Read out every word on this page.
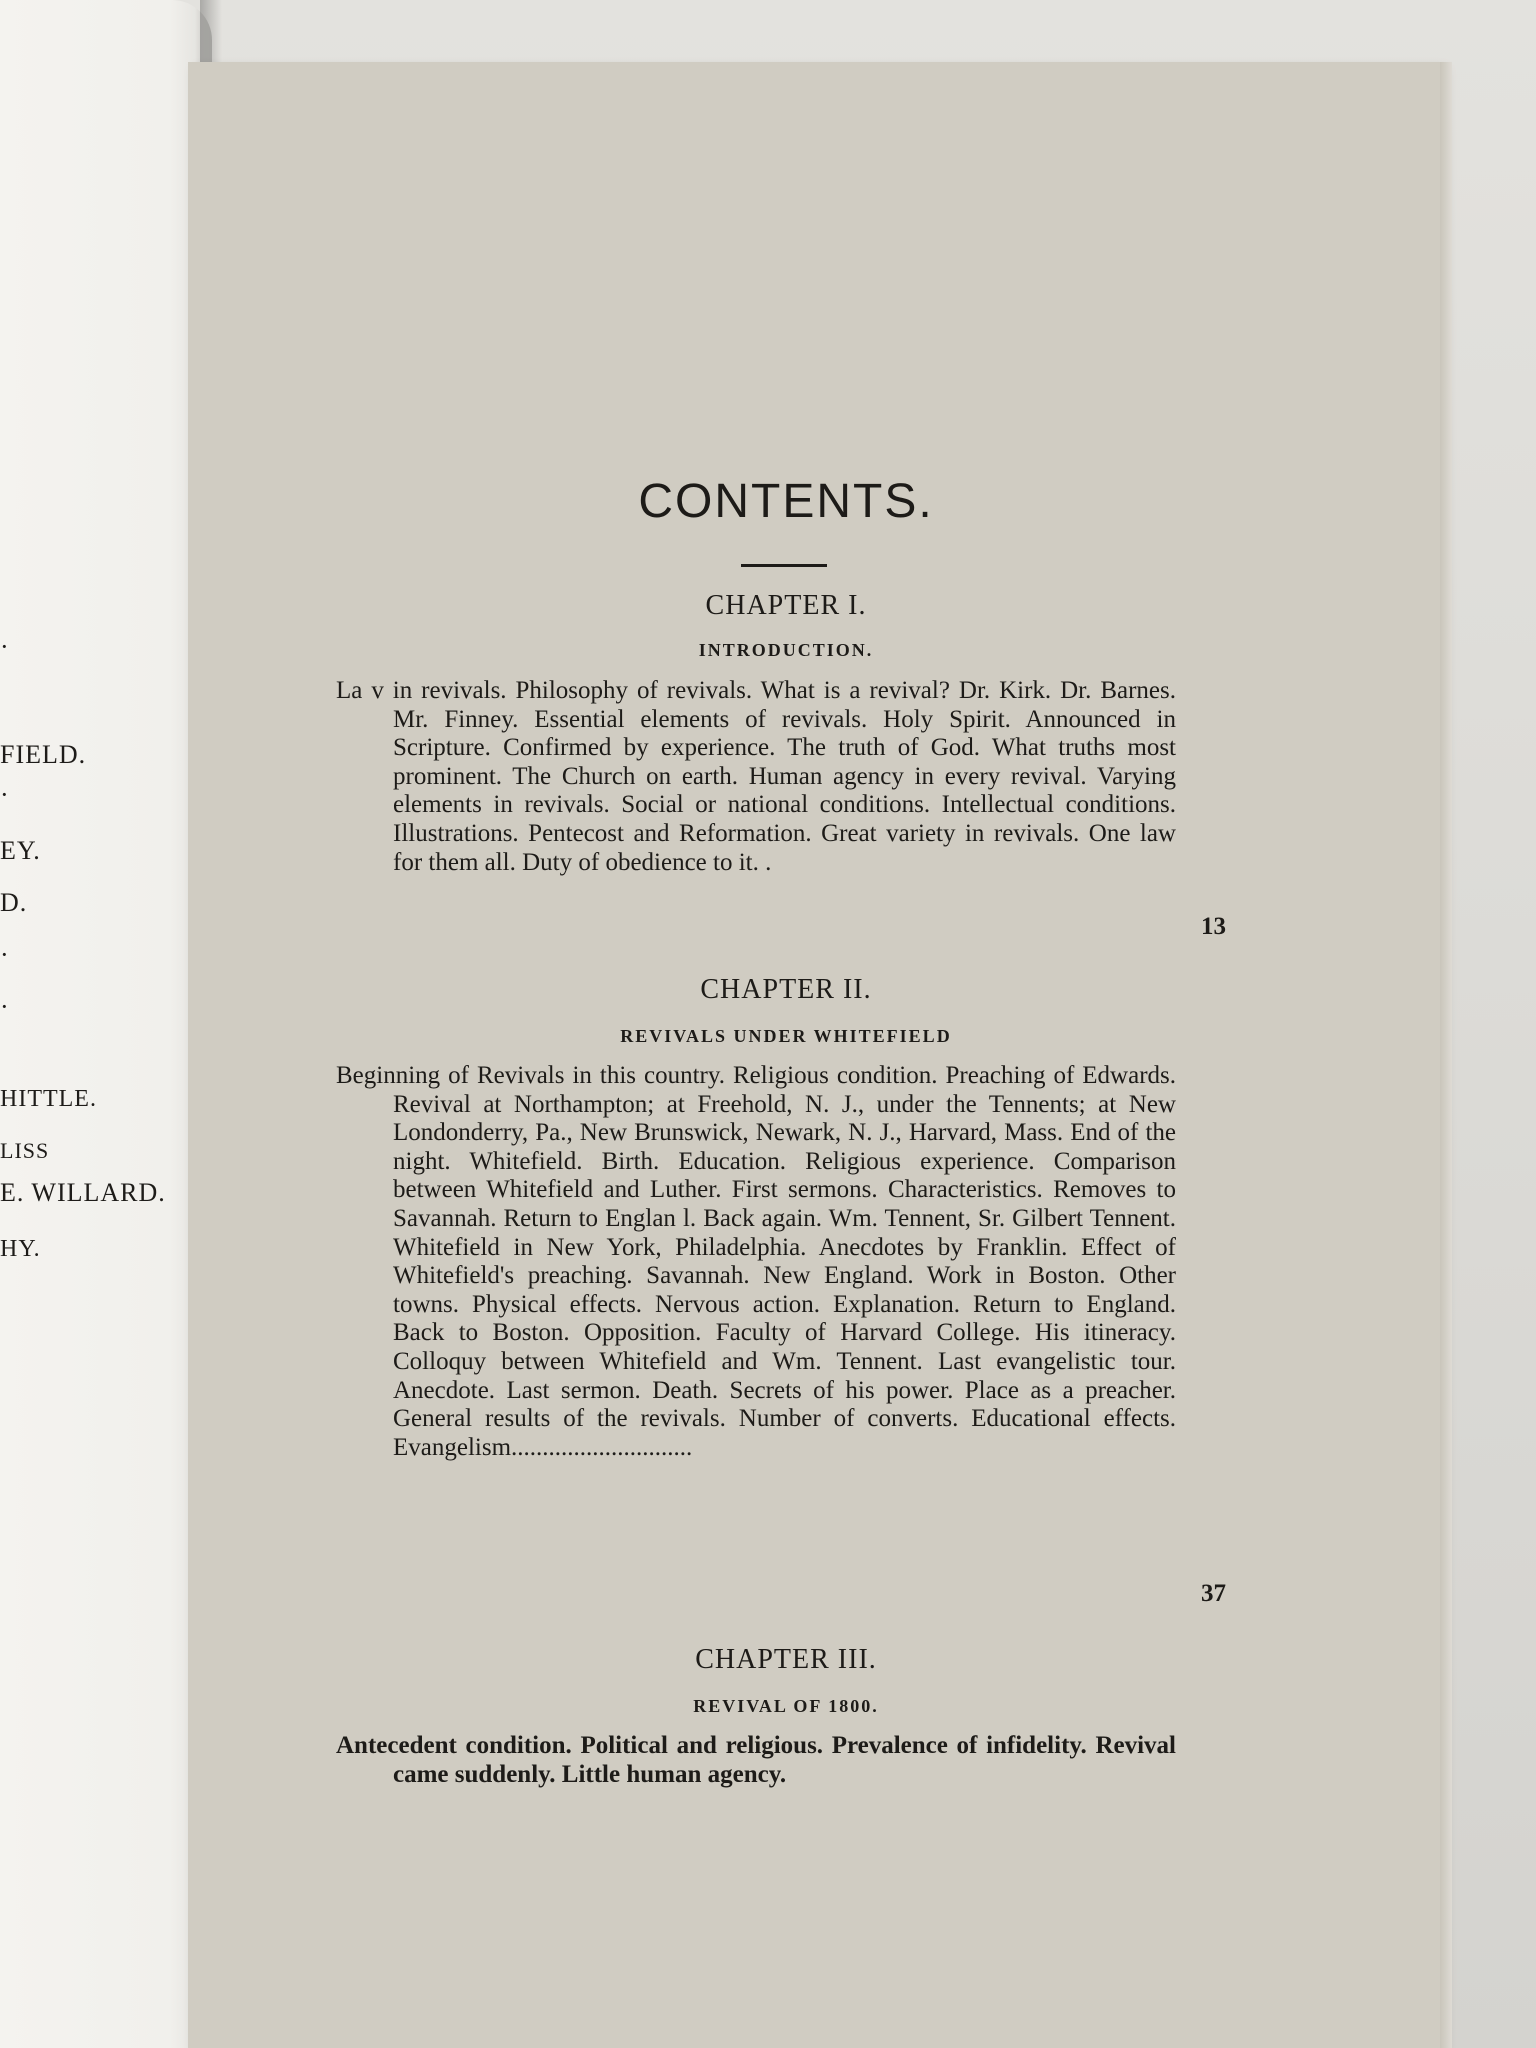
·
FIELD.
·
EY.
D.
·
·
HITTLE.
LISS
E. WILLARD.
HY.
CONTENTS.
CHAPTER I.
INTRODUCTION.

La v in revivals. Philosophy of revivals. What is a revival? Dr. Kirk. Dr. Barnes. Mr. Finney. Essential elements of revivals. Holy Spirit. Announced in Scripture. Confirmed by experience. The truth of God. What truths most prominent. The Church on earth. Human agency in every revival. Varying elements in revivals. Social or national conditions. Intellectual conditions. Illustrations. Pentecost and Reformation. Great variety in revivals. One law for them all. Duty of obedience to it. .

13
CHAPTER II.
REVIVALS UNDER WHITEFIELD

Beginning of Revivals in this country. Religious condition. Preaching of Edwards. Revival at Northampton; at Freehold, N. J., under the Tennents; at New Londonderry, Pa., New Brunswick, Newark, N. J., Harvard, Mass. End of the night. Whitefield. Birth. Education. Religious experience. Comparison between Whitefield and Luther. First sermons. Characteristics. Removes to Savannah. Return to Englan l. Back again. Wm. Tennent, Sr. Gilbert Tennent. Whitefield in New York, Philadelphia. Anecdotes by Franklin. Effect of Whitefield's preaching. Savannah. New England. Work in Boston. Other towns. Physical effects. Nervous action. Explanation. Return to England. Back to Boston. Opposition. Faculty of Harvard College. His itineracy. Colloquy between Whitefield and Wm. Tennent. Last evangelistic tour. Anecdote. Last sermon. Death. Secrets of his power. Place as a preacher. General results of the revivals. Number of converts. Educational effects. Evangelism.............................

37
CHAPTER III.
REVIVAL OF 1800.

Antecedent condition. Political and religious. Prevalence of infidelity. Revival came suddenly. Little human agency.
